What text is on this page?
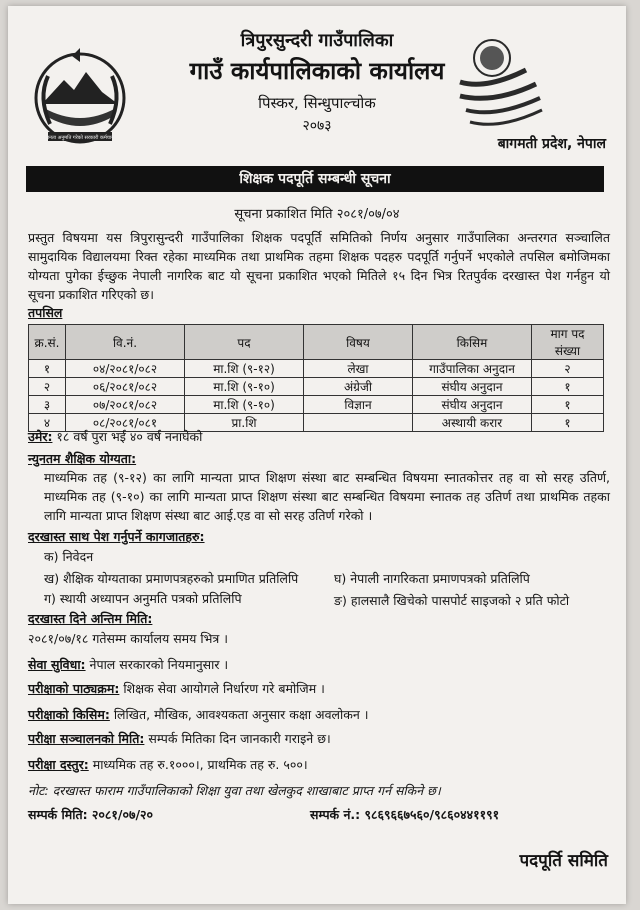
जनता अनुमति गरेको सरकारी कर्मचारी
त्रिपुरसुन्दरी गाउँपालिका
गाउँ कार्यपालिकाको कार्यालय
पिस्कर, सिन्धुपाल्चोक
२०७३
बागमती प्रदेश, नेपाल
शिक्षक पदपूर्ति सम्बन्धी सूचना
सूचना प्रकाशित मिति २०८१/०७/०४
प्रस्तुत विषयमा यस त्रिपुरासुन्दरी गाउँपालिका शिक्षक पदपूर्ति समितिको निर्णय अनुसार गाउँपालिका अन्तरगत सञ्चालित सामुदायिक विद्यालयमा रिक्त रहेका माध्यमिक तथा प्राथमिक तहमा शिक्षक पदहरु पदपूर्ति गर्नुपर्ने भएकोले तपसिल बमोजिमका योग्यता पुगेका ईच्छुक नेपाली नागरिक बाट यो सूचना प्रकाशित भएको मितिले १५ दिन भित्र रितपुर्वक दरखास्त पेश गर्नहुन यो सूचना प्रकाशित गरिएको छ।
तपसिल
क्र.सं.	वि.नं.	पद	विषय	किसिम	माग पद संख्या
१	०४/२०८१/०८२	मा.शि (९-१२)	लेखा	गाउँपालिका अनुदान	२
२	०६/२०८१/०८२	मा.शि (९-१०)	अंग्रेजी	संघीय अनुदान	१
३	०७/२०८१/०८२	मा.शि (९-१०)	विज्ञान	संघीय अनुदान	१
४	०८/२०८१/०८१	प्रा.शि		अस्थायी करार	१
उमेर: १८ वर्ष पुरा भई ४० वर्ष ननाघेको
न्युनतम शैक्षिक योग्यता:
माध्यमिक तह (९-१२) का लागि मान्यता प्राप्त शिक्षण संस्था बाट सम्बन्धित विषयमा स्नातकोत्तर तह वा सो सरह उतिर्ण, माध्यमिक तह (९-१०) का लागि मान्यता प्राप्त शिक्षण संस्था बाट सम्बन्धित विषयमा स्नातक तह उतिर्ण तथा प्राथमिक तहका लागि मान्यता प्राप्त शिक्षण संस्था बाट आई.एड वा सो सरह उतिर्ण गरेको ।
दरखास्त साथ पेश गर्नुपर्ने कागजातहरु:
क) निवेदन
ख) शैक्षिक योग्यताका प्रमाणपत्रहरुको प्रमाणित प्रतिलिपि	घ) नेपाली नागरिकता प्रमाणपत्रको प्रतिलिपि
ग) स्थायी अध्यापन अनुमति पत्रको प्रतिलिपि	ङ) हालसालै खिचेको पासपोर्ट साइजको २ प्रति फोटो
दरखास्त दिने अन्तिम मिति:
२०८१/०७/१८ गतेसम्म कार्यालय समय भित्र ।
सेवा सुविधा: नेपाल सरकारको नियमानुसार ।
परीक्षाको पाठ्यक्रम: शिक्षक सेवा आयोगले निर्धारण गरे बमोजिम ।
परीक्षाको किसिम: लिखित, मौखिक, आवश्यकता अनुसार कक्षा अवलोकन ।
परीक्षा सञ्चालनको मिति: सम्पर्क मितिका दिन जानकारी गराइने छ।
परीक्षा दस्तुर: माध्यमिक तह रु.१०००।, प्राथमिक तह रु. ५००।
नोट: दरखास्त फाराम गाउँपालिकाको शिक्षा युवा तथा खेलकुद शाखाबाट प्राप्त गर्न सकिने छ।
सम्पर्क मिति: २०८१/०७/२०	सम्पर्क नं.: ९८६९६६७५६०/९८६०४४११९१
पदपूर्ति समिति
